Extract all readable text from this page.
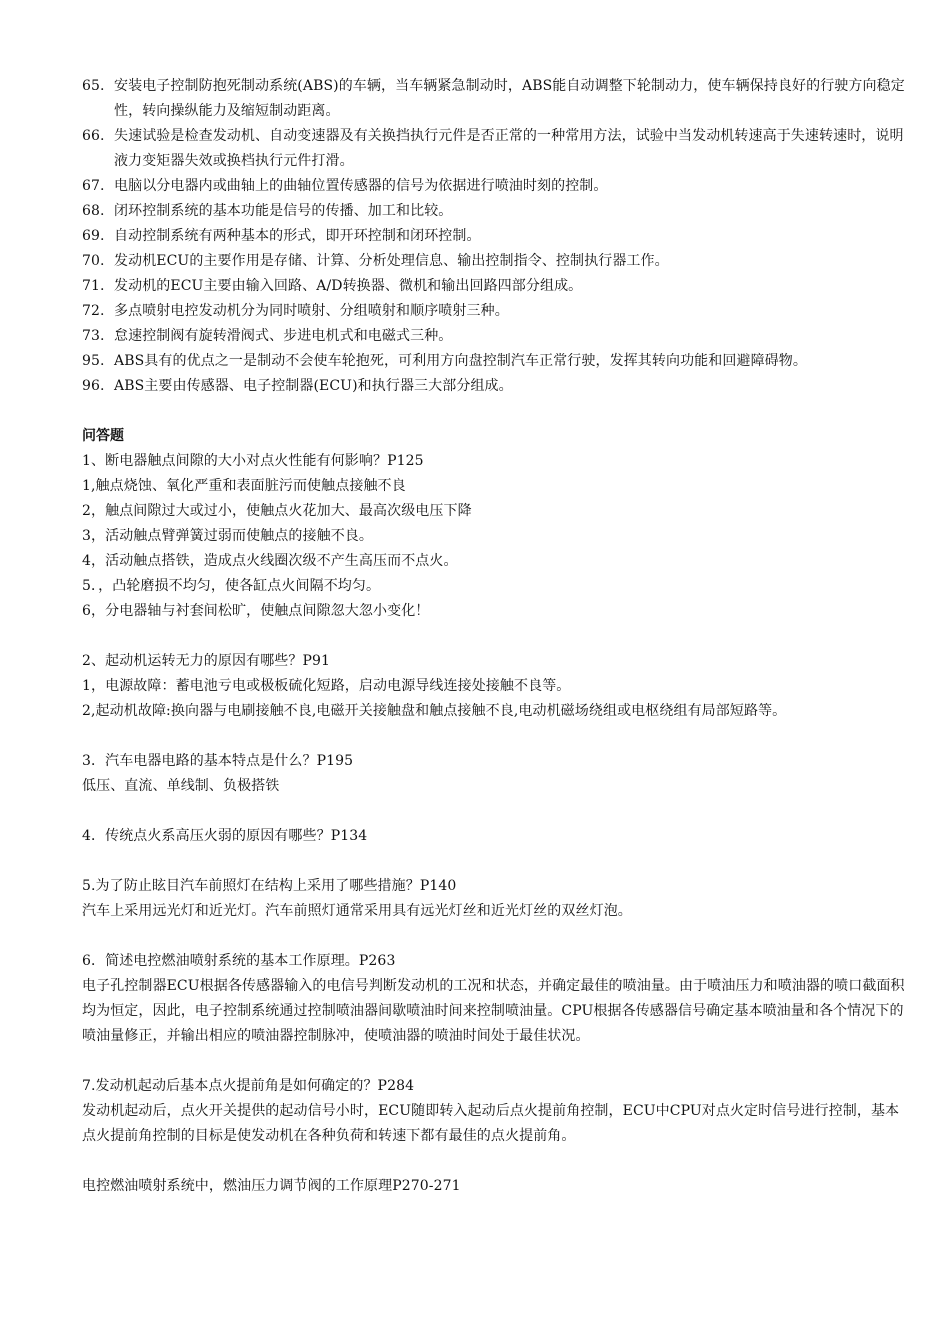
65. 安装电子控制防抱死制动系统(ABS)的车辆，当车辆紧急制动时，ABS能自动调整下轮制动力，使车辆保持良好的行驶方向稳定性，转向操纵能力及缩短制动距离。

66. 失速试验是检查发动机、自动变速器及有关换挡执行元件是否正常的一种常用方法，试验中当发动机转速高于失速转速时，说明液力变矩器失效或换档执行元件打滑。

67. 电脑以分电器内或曲轴上的曲轴位置传感器的信号为依据进行喷油时刻的控制。

68. 闭环控制系统的基本功能是信号的传播、加工和比较。

69. 自动控制系统有两种基本的形式，即开环控制和闭环控制。

70. 发动机ECU的主要作用是存储、计算、分析处理信息、输出控制指令、控制执行器工作。

71. 发动机的ECU主要由输入回路、A/D转换器、微机和输出回路四部分组成。

72. 多点喷射电控发动机分为同时喷射、分组喷射和顺序喷射三种。

73. 怠速控制阀有旋转滑阀式、步进电机式和电磁式三种。

95. ABS具有的优点之一是制动不会使车轮抱死，可利用方向盘控制汽车正常行驶，发挥其转向功能和回避障碍物。

96. ABS主要由传感器、电子控制器(ECU)和执行器三大部分组成。

问答题

1、断电器触点间隙的大小对点火性能有何影响？P125

1,触点烧蚀、氧化严重和表面脏污而使触点接触不良

2，触点间隙过大或过小，使触点火花加大、最高次级电压下降

3，活动触点臂弹簧过弱而使触点的接触不良。

4，活动触点搭铁，造成点火线圈次级不产生高压而不点火。

5．，凸轮磨损不均匀，使各缸点火间隔不均匀。

6，分电器轴与衬套间松旷，使触点间隙忽大忽小变化！

2、起动机运转无力的原因有哪些？P91

1，电源故障：蓄电池亏电或极板硫化短路，启动电源导线连接处接触不良等。

2,起动机故障:换向器与电刷接触不良,电磁开关接触盘和触点接触不良,电动机磁场绕组或电枢绕组有局部短路等。

3．汽车电器电路的基本特点是什么？P195

低压、直流、单线制、负极搭铁

4．传统点火系高压火弱的原因有哪些？P134

5.为了防止眩目汽车前照灯在结构上采用了哪些措施？P140

汽车上采用远光灯和近光灯。汽车前照灯通常采用具有远光灯丝和近光灯丝的双丝灯泡。

6．简述电控燃油喷射系统的基本工作原理。P263

电子孔控制器ECU根据各传感器输入的电信号判断发动机的工况和状态，并确定最佳的喷油量。由于喷油压力和喷油器的喷口截面积均为恒定，因此，电子控制系统通过控制喷油器间歇喷油时间来控制喷油量。CPU根据各传感器信号确定基本喷油量和各个情况下的喷油量修正，并输出相应的喷油器控制脉冲，使喷油器的喷油时间处于最佳状况。

7.发动机起动后基本点火提前角是如何确定的？P284

发动机起动后，点火开关提供的起动信号小时，ECU随即转入起动后点火提前角控制，ECU中CPU对点火定时信号进行控制，基本点火提前角控制的目标是使发动机在各种负荷和转速下都有最佳的点火提前角。

电控燃油喷射系统中，燃油压力调节阀的工作原理P270-271
